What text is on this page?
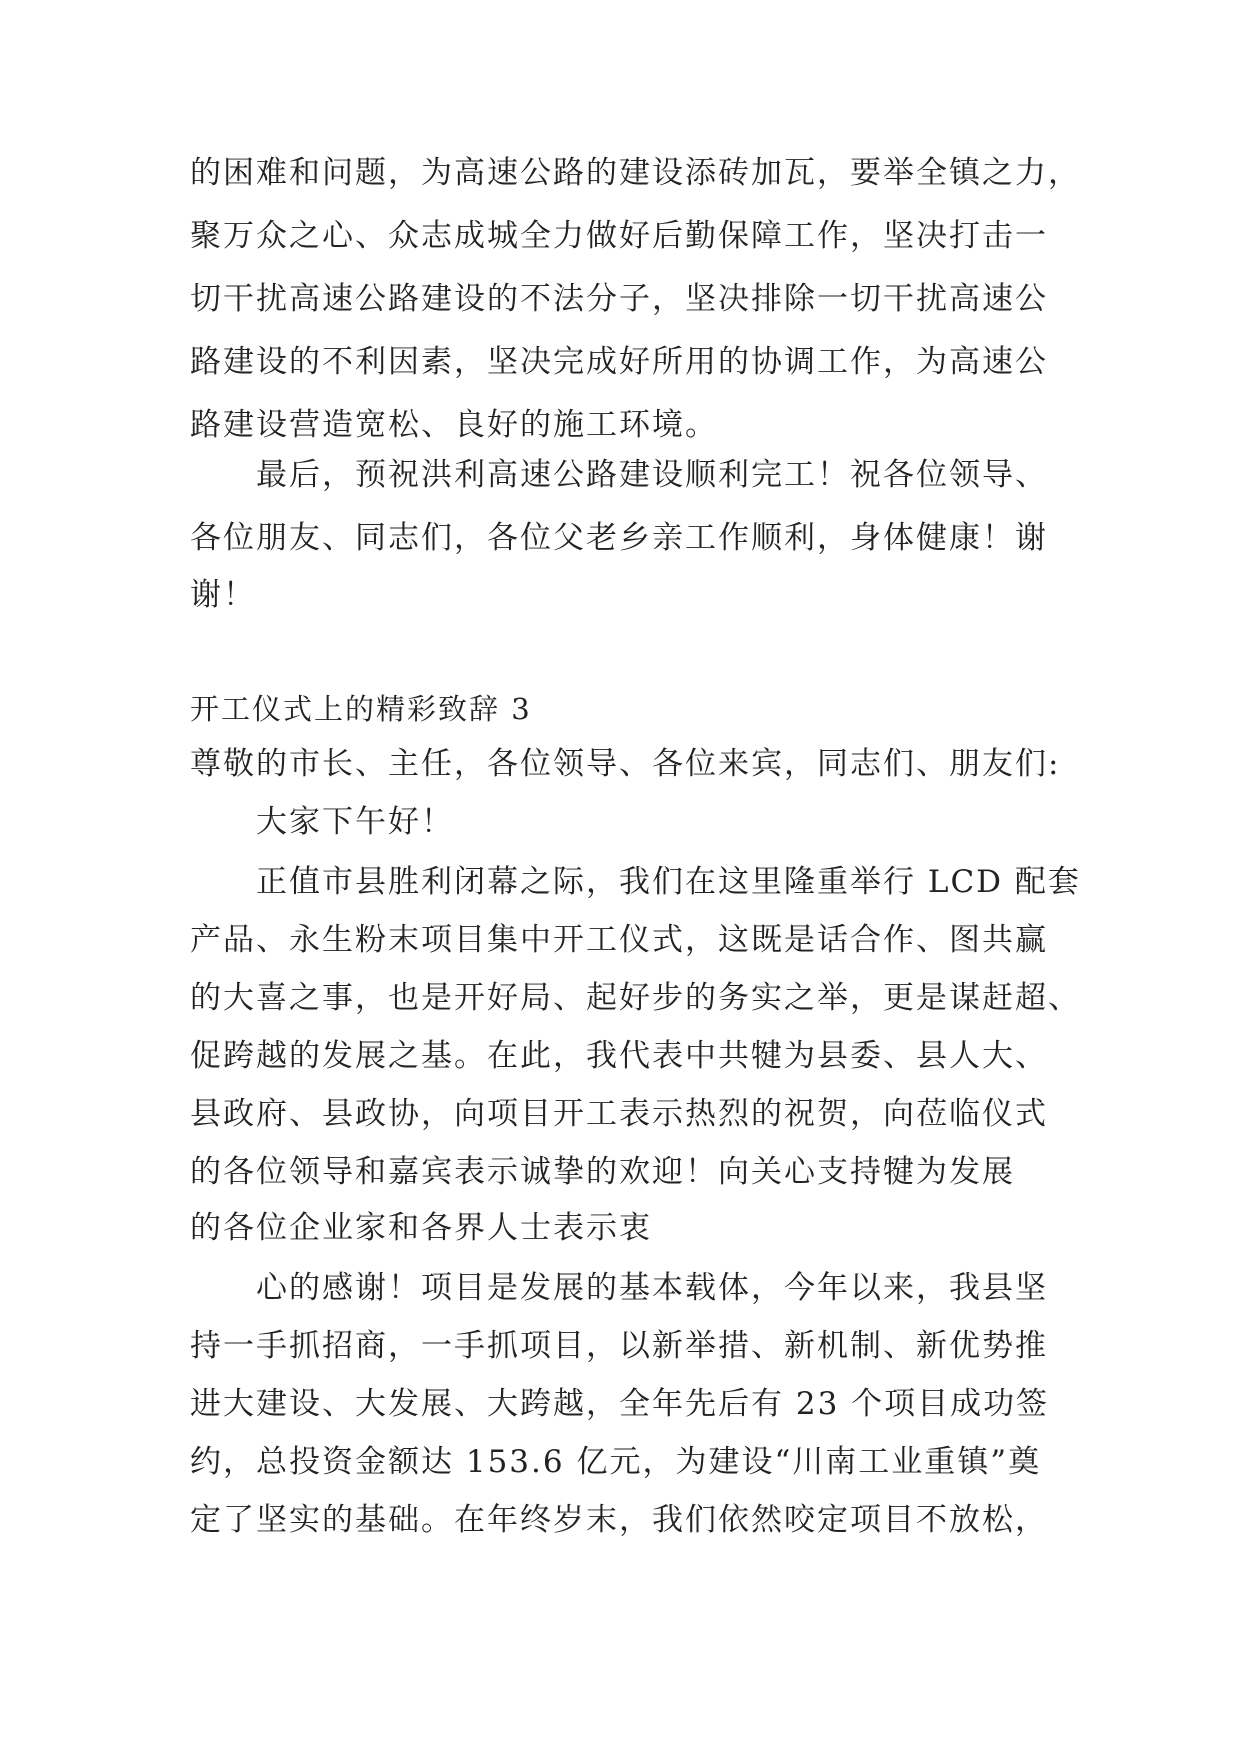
的困难和问题，为高速公路的建设添砖加瓦，要举全镇之力，
聚万众之心、众志成城全力做好后勤保障工作，坚决打击一
切干扰高速公路建设的不法分子，坚决排除一切干扰高速公
路建设的不利因素，坚决完成好所用的协调工作，为高速公
路建设营造宽松、良好的施工环境。
最后，预祝洪利高速公路建设顺利完工！祝各位领导、
各位朋友、同志们，各位父老乡亲工作顺利，身体健康！谢
谢！
开工仪式上的精彩致辞 3
尊敬的市长、主任，各位领导、各位来宾，同志们、朋友们:
大家下午好！
正值市县胜利闭幕之际，我们在这里隆重举行 LCD 配套
产品、永生粉末项目集中开工仪式，这既是话合作、图共赢
的大喜之事，也是开好局、起好步的务实之举，更是谋赶超、
促跨越的发展之基。在此，我代表中共犍为县委、县人大、
县政府、县政协，向项目开工表示热烈的祝贺，向莅临仪式
的各位领导和嘉宾表示诚挚的欢迎！向关心支持犍为发展
的各位企业家和各界人士表示衷
心的感谢！项目是发展的基本载体，今年以来，我县坚
持一手抓招商，一手抓项目，以新举措、新机制、新优势推
进大建设、大发展、大跨越，全年先后有 23 个项目成功签
约，总投资金额达 153.6 亿元，为建设“川南工业重镇”奠
定了坚实的基础。在年终岁末，我们依然咬定项目不放松，
